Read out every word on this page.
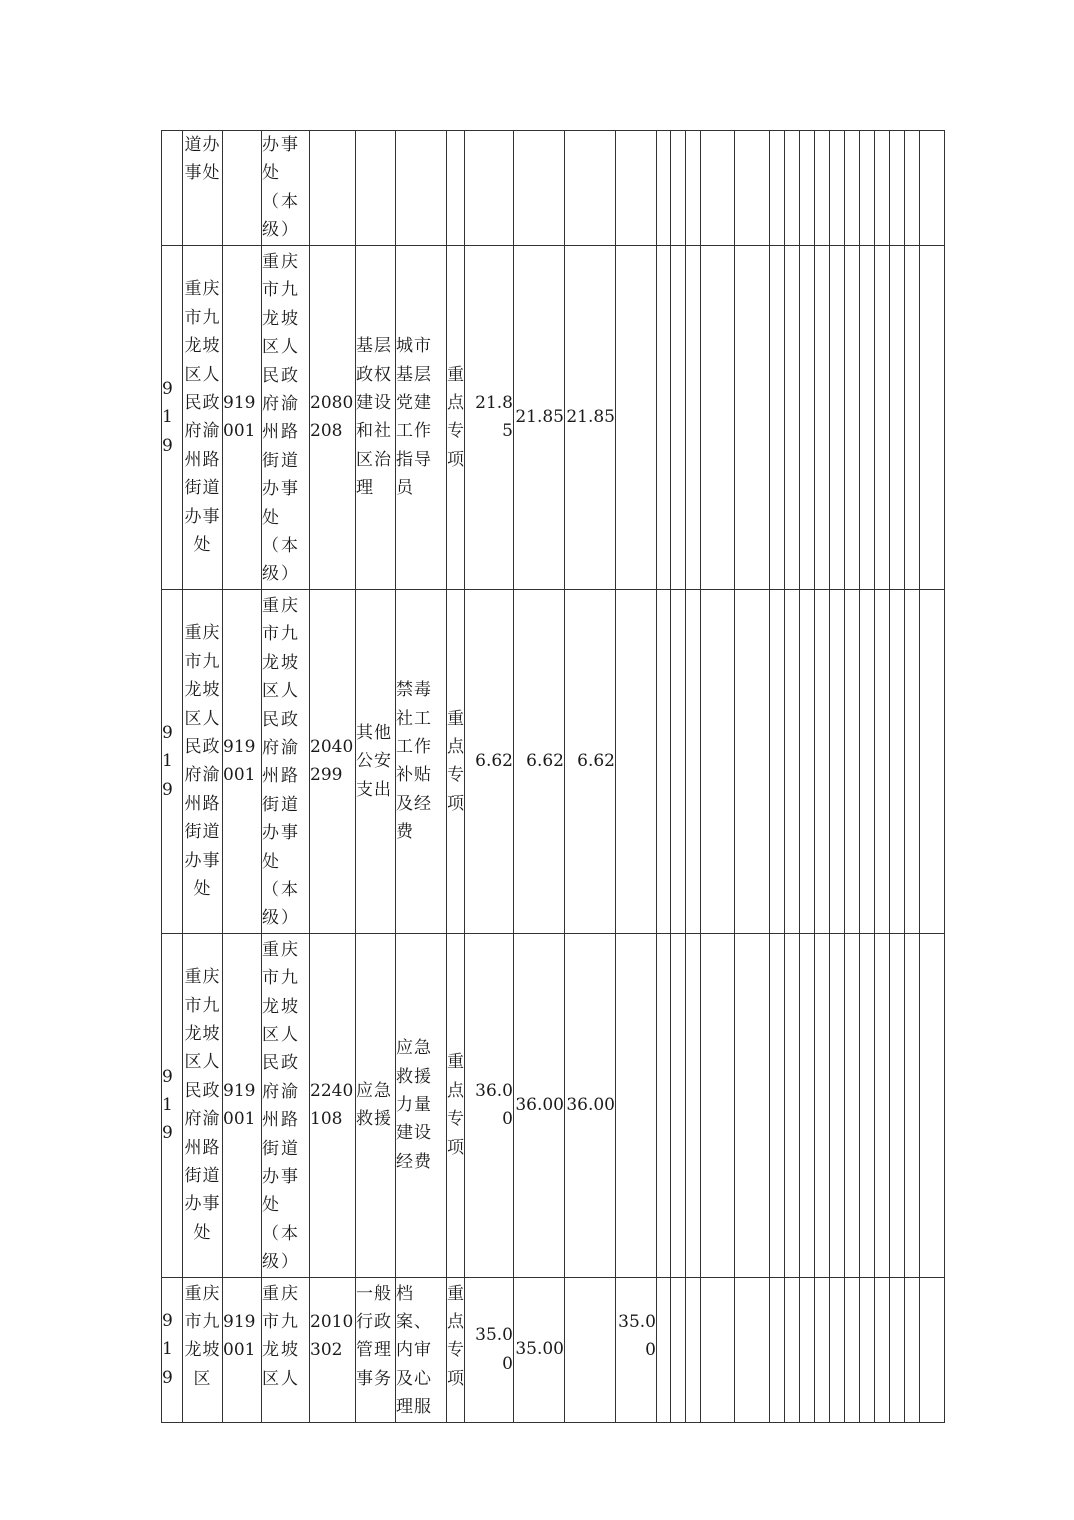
	道办事处		办事处（本级）																								
919	重庆市九龙坡区人民政府渝州路街道办事处	919001	重庆市九龙坡区人民政府渝州路街道办事处（本级）	2080208	基层政权建设和社区治理	城市基层党建工作指导员	重点专项	21.85	21.85	21.85																	
919	重庆市九龙坡区人民政府渝州路街道办事处	919001	重庆市九龙坡区人民政府渝州路街道办事处（本级）	2040299	其他公安支出	禁毒社工工作补贴及经费	重点专项	6.62	6.62	6.62																	
919	重庆市九龙坡区人民政府渝州路街道办事处	919001	重庆市九龙坡区人民政府渝州路街道办事处（本级）	2240108	应急救援	应急救援力量建设经费	重点专项	36.00	36.00	36.00																	
919	重庆市九龙坡区	919001	重庆市九龙坡区人	2010302	一般行政管理事务	档案、内审及心理服	重点专项	35.00	35.00		35.00																
